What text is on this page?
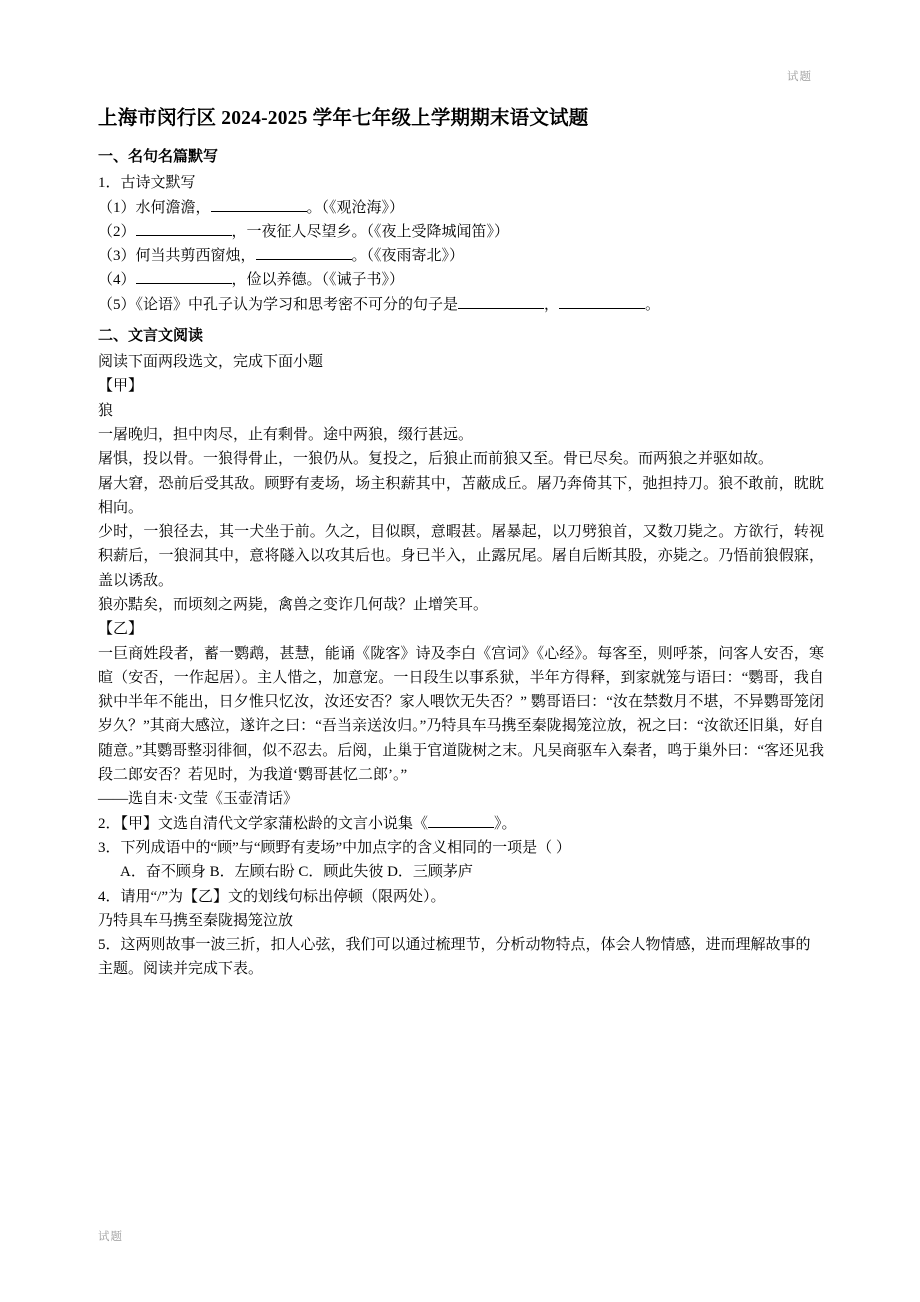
试题
上海市闵行区 2024-2025 学年七年级上学期期末语文试题
一、名句名篇默写

1．古诗文默写

（1）水何澹澹，	。（《观沧海》）

（2）	，一夜征人尽望乡。（《夜上受降城闻笛》）

（3）何当共剪西窗烛，	。（《夜雨寄北》）

（4）	，俭以养德。（《诫子书》）

（5）《论语》中孔子认为学习和思考密不可分的句子是	，	。

二、文言文阅读

阅读下面两段选文，完成下面小题

【甲】

狼

一屠晚归，担中肉尽，止有剩骨。途中两狼，缀行甚远。

屠惧，投以骨。一狼得骨止，一狼仍从。复投之，后狼止而前狼又至。骨已尽矣。而两狼之并驱如故。

屠大窘，恐前后受其敌。顾野有麦场，场主积薪其中，苫蔽成丘。屠乃奔倚其下，弛担持刀。狼不敢前，眈眈相向。

少时，一狼径去，其一犬坐于前。久之，目似瞑，意暇甚。屠暴起，以刀劈狼首，又数刀毙之。方欲行，转视积薪后，一狼洞其中，意将隧入以攻其后也。身已半入，止露尻尾。屠自后断其股，亦毙之。乃悟前狼假寐，盖以诱敌。

狼亦黠矣，而顷刻之两毙，禽兽之变诈几何哉？止增笑耳。

【乙】

一巨商姓段者，蓄一鹦鹉，甚慧，能诵《陇客》诗及李白《宫词》《心经》。每客至，则呼茶，问客人安否，寒暄（安否，一作起居）。主人惜之，加意宠。一日段生以事系狱，半年方得释，到家就笼与语曰：“鹦哥，我自狱中半年不能出，日夕惟只忆汝，汝还安否？家人喂饮无失否？” 鹦哥语曰：“汝在禁数月不堪，不异鹦哥笼闭岁久？”其商大感泣，遂许之曰：“吾当亲送汝归。”乃特具车马携至秦陇揭笼泣放，祝之曰：“汝欲还旧巢，好自随意。”其鹦哥整羽徘徊，似不忍去。后阅，止巢于官道陇树之末。凡吴商驱车入秦者，鸣于巢外曰：“客还见我段二郎安否？若见时，为我道‘鹦哥甚忆二郎’。”

——选自末·文莹《玉壶清话》

2．【甲】文选自清代文学家蒲松龄的文言小说集《	》。

3．下列成语中的“顾”与“顾野有麦场”中加点字的含义相同的一项是（ ）

A．奋不顾身 B．左顾右盼 C．顾此失彼 D．三顾茅庐

4．请用“/”为【乙】文的划线句标出停顿（限两处）。

乃特具车马携至秦陇揭笼泣放

5．这两则故事一波三折，扣人心弦，我们可以通过梳理节，分析动物特点，体会人物情感，进而理解故事的主题。阅读并完成下表。

试题
